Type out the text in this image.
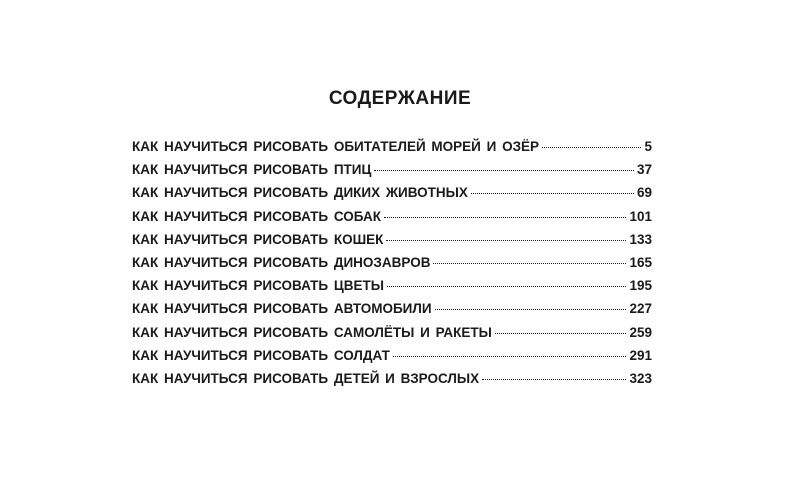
СОДЕРЖАНИЕ
КАК НАУЧИТЬСЯ РИСОВАТЬ ОБИТАТЕЛЕЙ МОРЕЙ И ОЗЁР	5
КАК НАУЧИТЬСЯ РИСОВАТЬ ПТИЦ	37
КАК НАУЧИТЬСЯ РИСОВАТЬ ДИКИХ ЖИВОТНЫХ	69
КАК НАУЧИТЬСЯ РИСОВАТЬ СОБАК	101
КАК НАУЧИТЬСЯ РИСОВАТЬ КОШЕК	133
КАК НАУЧИТЬСЯ РИСОВАТЬ ДИНОЗАВРОВ	165
КАК НАУЧИТЬСЯ РИСОВАТЬ ЦВЕТЫ	195
КАК НАУЧИТЬСЯ РИСОВАТЬ АВТОМОБИЛИ	227
КАК НАУЧИТЬСЯ РИСОВАТЬ САМОЛЁТЫ И РАКЕТЫ	259
КАК НАУЧИТЬСЯ РИСОВАТЬ СОЛДАТ	291
КАК НАУЧИТЬСЯ РИСОВАТЬ ДЕТЕЙ И ВЗРОСЛЫХ	323
